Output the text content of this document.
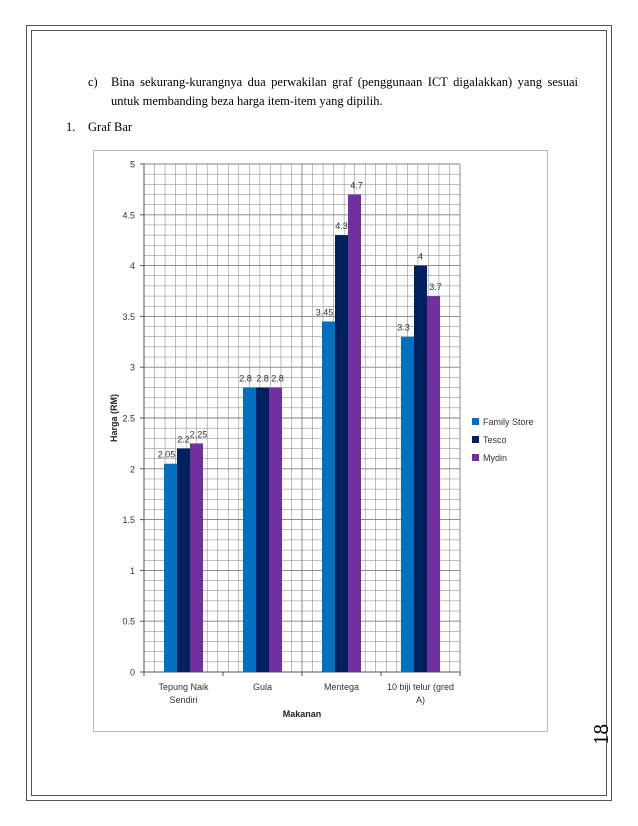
c) Bina sekurang-kurangnya dua perwakilan graf (penggunaan ICT digalakkan) yang sesuai untuk membanding beza harga item-item yang dipilih.
1. Graf Bar
0
0.5
1
1.5
2
2.5
3
3.5
4
4.5
5
2.05
2.8
3.45
3.3
2.2
2.8
4.3
4
2.25
2.8
4.7
3.7
Tepung Naik
Sendiri
Gula	Mentega	10 biji telur (gred
A)
Makanan
Harga (RM)	Family Store
Tesco
Mydin
18
